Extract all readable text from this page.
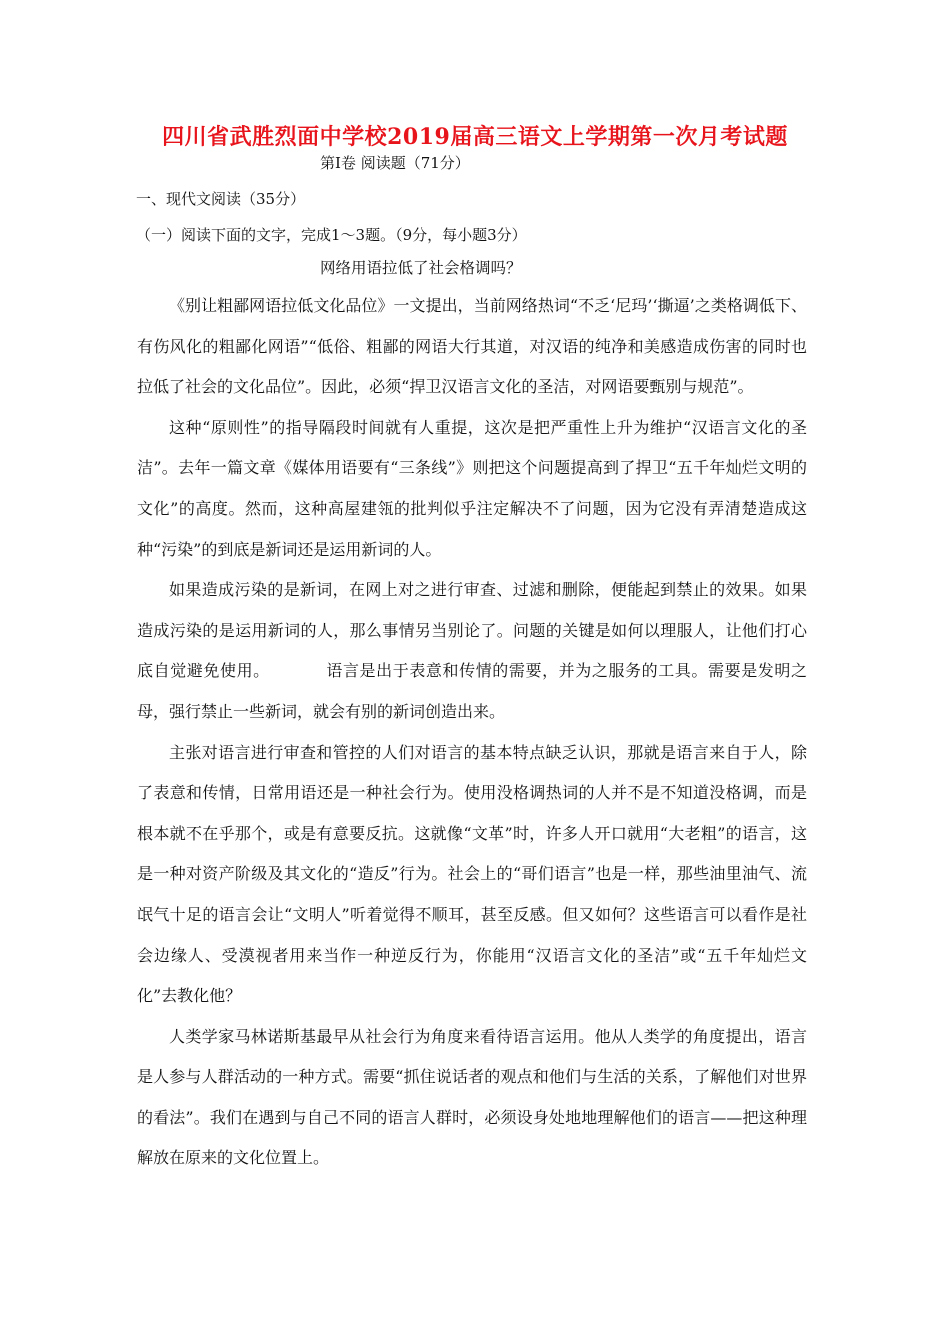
四川省武胜烈面中学校2019届高三语文上学期第一次月考试题
第Ⅰ卷 阅读题（71分）
一、现代文阅读（35分）
（一）阅读下面的文字，完成1～3题。（9分，每小题3分）
网络用语拉低了社会格调吗？

《别让粗鄙网语拉低文化品位》一文提出，当前网络热词“不乏‘尼玛’‘撕逼’之类格调低下、有伤风化的粗鄙化网语”“低俗、粗鄙的网语大行其道，对汉语的纯净和美感造成伤害的同时也拉低了社会的文化品位”。因此，必须“捍卫汉语言文化的圣洁，对网语要甄别与规范”。

这种“原则性”的指导隔段时间就有人重提，这次是把严重性上升为维护“汉语言文化的圣洁”。去年一篇文章《媒体用语要有“三条线”》则把这个问题提高到了捍卫“五千年灿烂文明的文化”的高度。然而，这种高屋建瓴的批判似乎注定解决不了问题，因为它没有弄清楚造成这种“污染”的到底是新词还是运用新词的人。

如果造成污染的是新词，在网上对之进行审查、过滤和删除，便能起到禁止的效果。如果造成污染的是运用新词的人，那么事情另当别论了。问题的关键是如何以理服人，让他们打心底自觉避免使用。	语言是出于表意和传情的需要，并为之服务的工具。需要是发明之母，强行禁止一些新词，就会有别的新词创造出来。

主张对语言进行审查和管控的人们对语言的基本特点缺乏认识，那就是语言来自于人，除了表意和传情，日常用语还是一种社会行为。使用没格调热词的人并不是不知道没格调，而是根本就不在乎那个，或是有意要反抗。这就像“文革”时，许多人开口就用“大老粗”的语言，这是一种对资产阶级及其文化的“造反”行为。社会上的“哥们语言”也是一样，那些油里油气、流氓气十足的语言会让“文明人”听着觉得不顺耳，甚至反感。但又如何？这些语言可以看作是社会边缘人、受漠视者用来当作一种逆反行为，你能用“汉语言文化的圣洁”或“五千年灿烂文化”去教化他？

人类学家马林诺斯基最早从社会行为角度来看待语言运用。他从人类学的角度提出，语言是人参与人群活动的一种方式。需要“抓住说话者的观点和他们与生活的关系，了解他们对世界的看法”。我们在遇到与自己不同的语言人群时，必须设身处地地理解他们的语言——把这种理解放在原来的文化位置上。
